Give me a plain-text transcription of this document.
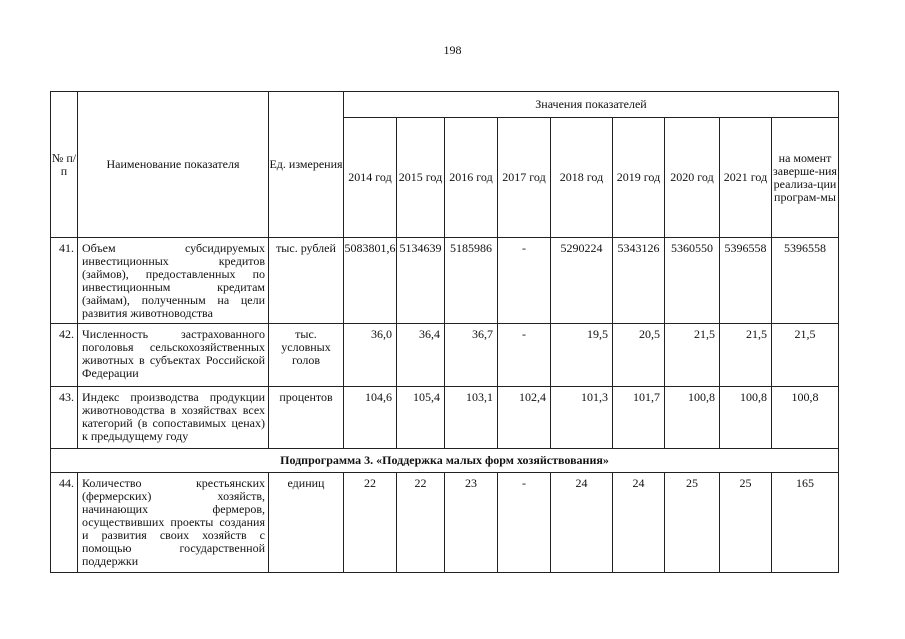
198
№ п/п	Наименование показателя	Ед. измерения	Значения показателей								
			2014 год	2015 год	2016 год	2017 год	2018 год	2019 год	2020 год	2021 год	на момент заверше-ния реализа-ции програм-мы
41.	Объем субсидируемых инвестиционных кредитов (займов), предоставленных по инвестиционным кредитам (займам), полученным на цели развития животноводства	тыс. рублей	5083801,6	5134639	5185986	-	5290224	5343126	5360550	5396558	5396558
42.	Численность застрахованного поголовья сельскохозяйственных животных в субъектах Российской Федерации	тыс. условных голов	36,0	36,4	36,7	-	19,5	20,5	21,5	21,5	21,5
43.	Индекс производства продукции животноводства в хозяйствах всех категорий (в сопоставимых ценах) к предыдущему году	процентов	104,6	105,4	103,1	102,4	101,3	101,7	100,8	100,8	100,8
Подпрограмма 3. «Поддержка малых форм хозяйствования»											
44.	Количество крестьянских (фермерских) хозяйств, начинающих фермеров, осуществивших проекты создания и развития своих хозяйств с помощью государственной поддержки	единиц	22	22	23	-	24	24	25	25	165
